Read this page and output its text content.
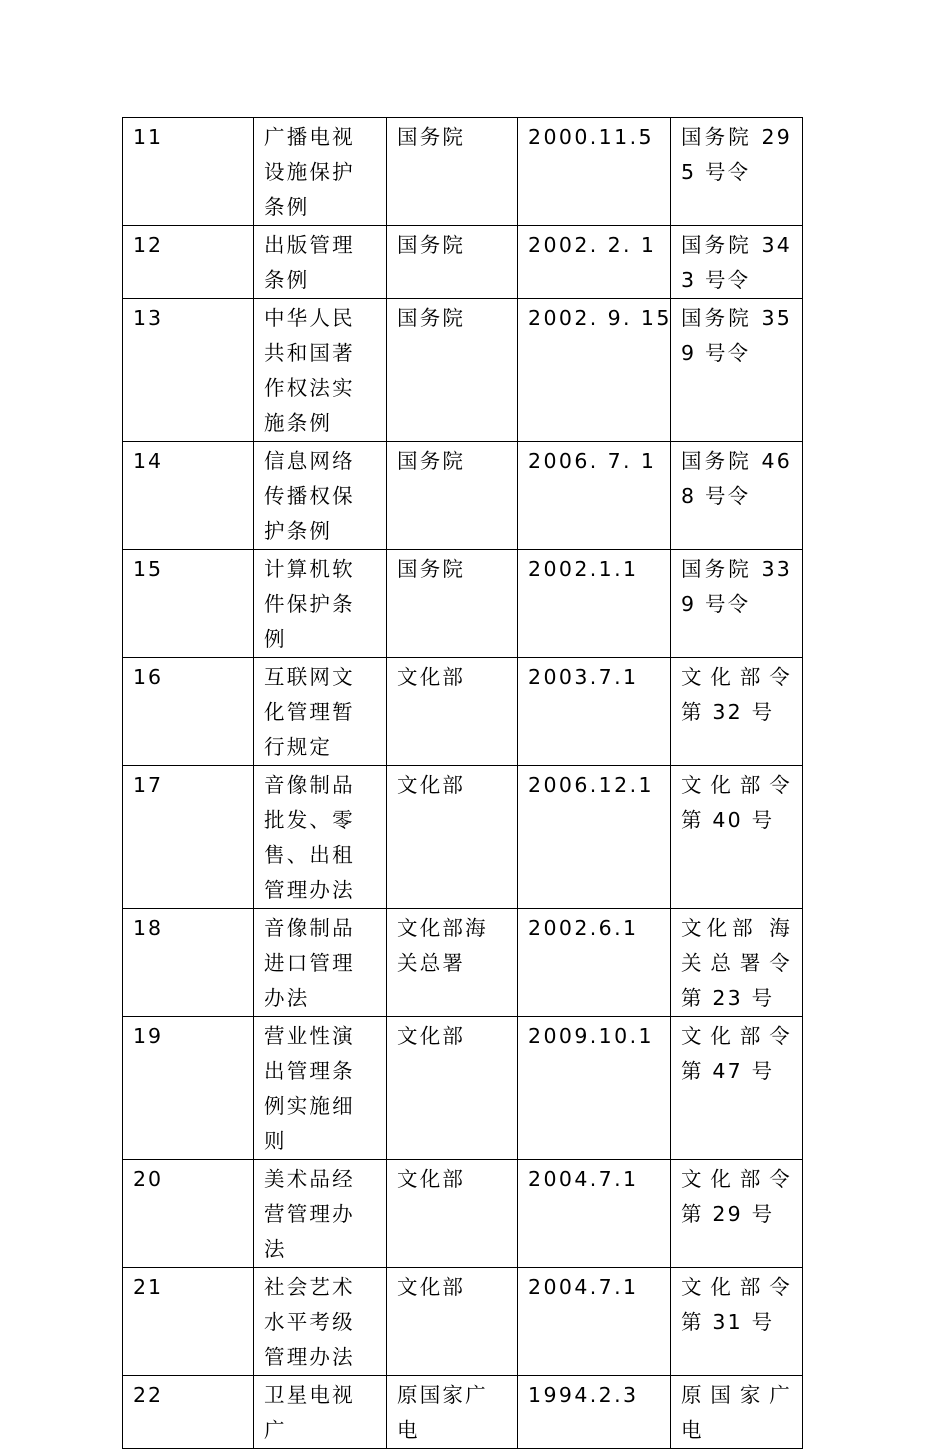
11	广播电视设施保护条例	国务院	2000.11.5	国务院 295 号令
12	出版管理条例	国务院	2002. 2. 1	国务院 343 号令
13	中华人民共和国著作权法实施条例	国务院	2002. 9. 15	国务院 359 号令
14	信息网络传播权保护条例	国务院	2006. 7. 1	国务院 468 号令
15	计算机软件保护条例	国务院	2002.1.1	国务院 339 号令
16	互联网文化管理暂行规定	文化部	2003.7.1	文化部令第 32 号
17	音像制品批发、零售、出租管理办法	文化部	2006.12.1	文化部令第 40 号
18	音像制品进口管理办法	文化部海关总署	2002.6.1	文化部 海关总署令第 23 号
19	营业性演出管理条例实施细则	文化部	2009.10.1	文化部令第 47 号
20	美术品经营管理办法	文化部	2004.7.1	文化部令第 29 号
21	社会艺术水平考级管理办法	文化部	2004.7.1	文化部令第 31 号
22	卫星电视广	原国家广电	1994.2.3	原国家广电
